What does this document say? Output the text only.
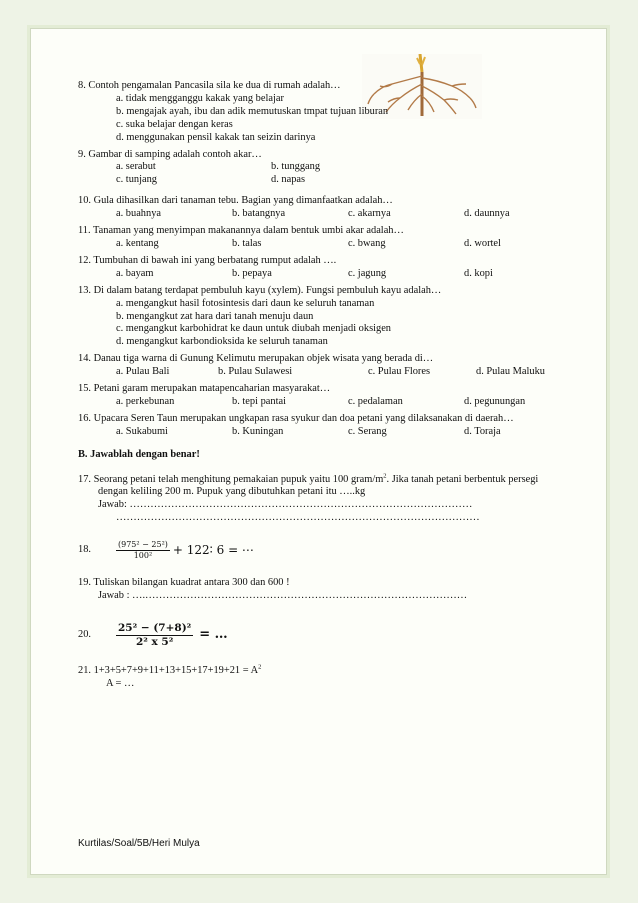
8. Contoh pengamalan Pancasila sila ke dua di rumah adalah…
a. tidak mengganggu kakak yang belajar
b. mengajak ayah, ibu dan adik memutuskan tmpat tujuan liburan
c. suka belajar dengan keras
d. menggunakan pensil kakak tan seizin darinya
9. Gambar di samping adalah contoh akar…
a. serabut	b. tunggang
c. tunjang	d. napas
10. Gula dihasilkan dari tanaman tebu. Bagian yang dimanfaatkan adalah…
a. buahnya	b. batangnya	c. akarnya	d. daunnya
11. Tanaman yang menyimpan makanannya dalam bentuk umbi akar adalah…
a. kentang	b. talas	c. bwang	d. wortel
12. Tumbuhan di bawah ini yang berbatang rumput adalah ….
a. bayam	b. pepaya	c. jagung	d. kopi
13. Di dalam batang terdapat pembuluh kayu (xylem). Fungsi pembuluh kayu adalah…
a. mengangkut hasil fotosintesis dari daun ke seluruh tanaman
b. mengangkut zat hara dari tanah menuju daun
c. mengangkut karbohidrat ke daun untuk diubah menjadi oksigen
d. mengangkut karbondioksida ke seluruh tanaman
14. Danau tiga warna di Gunung Kelimutu merupakan objek wisata yang berada di…
a. Pulau Bali	b. Pulau Sulawesi	c. Pulau Flores	d. Pulau Maluku
15. Petani garam merupakan matapencaharian masyarakat…
a. perkebunan	b. tepi pantai	c. pedalaman	d. pegunungan
16. Upacara Seren Taun merupakan ungkapan rasa syukur dan doa petani yang dilaksanakan di daerah…
a. Sukabumi	b. Kuningan	c. Serang	d. Toraja
B. Jawablah dengan benar!
17. Seorang petani telah menghitung pemakaian pupuk yaitu 100 gram/$m^2$. Jika tanah petani berbentuk persegi dengan keliling 200 m. Pupuk yang dibutuhkan petani itu …..kg
Jawab: ………………………………………………………………………………………
……………………………………………………………………………………………
18.	$\frac{\text{(975² − 25²)}}{\text{100²}}$ + 122∶ 6 = ⋯
19. Tuliskan bilangan kuadrat antara 300 dan 600 !
Jawab : ….…………………………………………………………………………………
20.	$\frac{\text{25² − (7+8)²}}{\text{2² x 5²}}$ = …
21. $1+3+5+7+9+11+13+15+17+19+21 = A^2$
A = …
Kurtilas/Soal/5B/Heri Mulya
